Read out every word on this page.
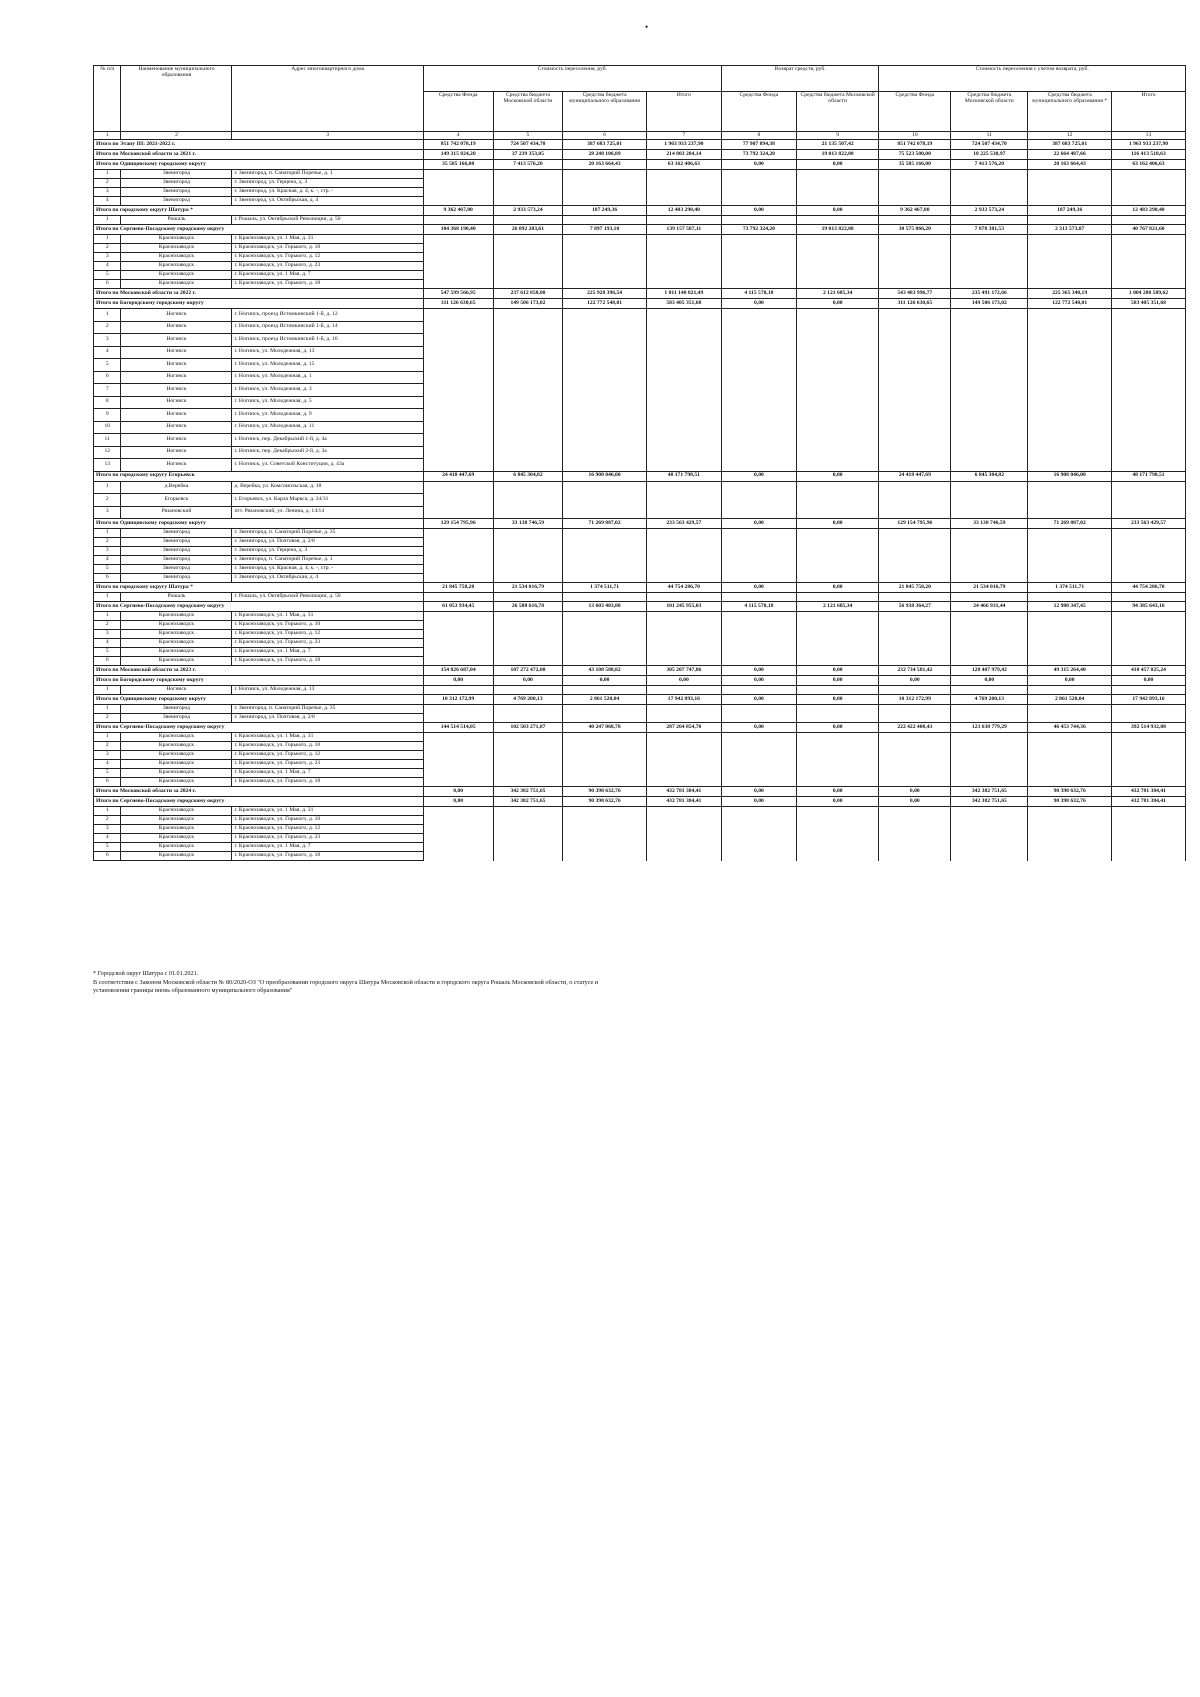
•
№ п/п	Наименование муниципального образования	Адрес многоквартирного дома	Стоимость переселения, руб.				Возврат средств, руб.		Стоимость переселения с учетом возврата, руб.			
			Средства Фонда	Средства бюджета Московской области	Средства бюджета муниципального образования	Итого	Средства Фонда	Средства бюджета Московской области	Средства Фонда	Средства бюджета Московской области	Средства бюджета муниципального образования *	Итого
1	2	3	4	5	6	7	8	9	10	11	12	13
Итого по Этапу III: 2021-2022 г.			851 742 078,19	724 507 434,70	387 683 725,01	1 963 933 237,90	77 907 894,38	21 135 507,42	851 742 078,19	724 507 434,70	387 683 725,01	1 963 933 237,90
Итого по Московской области за 2021 г.			149 315 824,20	37 239 353,05	28 248 106,89	214 803 284,14	73 792 324,20	19 013 822,08	75 523 500,00	18 225 530,97	22 664 487,66	116 413 518,63
Итого по Одинцовскому городскому округу			35 585 166,00	7 413 576,20	20 163 664,43	63 162 406,63	0,00	0,00	35 585 166,00	7 413 576,20	20 163 664,43	63 162 406,63
1	Звенигород	г. Звенигород, п. Санаторий Поречье, д. 1										
2	Звенигород	г. Звенигород, ул. Герцена, д. 3										
3	Звенигород	г. Звенигород, ул. Красная, д. 4, к. -, стр. -										
4	Звенигород	г. Звенигород, ул. Октябрьская, д. 4										
Итого по городскому округу Шатура *			9 362 467,80	2 933 573,24	187 249,36	12 483 290,40	0,00	0,00	9 362 467,80	2 933 573,24	187 249,36	12 483 290,40
1	Рошаль	г. Рошаль, ул. Октябрьской Революции, д. 50										
Итого по Сергиево-Посадскому городскому округу			104 368 190,40	26 892 203,61	7 897 193,10	139 157 587,11	73 792 324,20	19 013 822,08	30 575 866,20	7 878 381,53	2 313 573,87	40 767 821,60
1	Краснозаводск	г. Краснозаводск, ул. 1 Мая, д. 31										
2	Краснозаводск	г. Краснозаводск, ул. Горького, д. 10										
3	Краснозаводск	г. Краснозаводск, ул. Горького, д. 12										
4	Краснозаводск	г. Краснозаводск, ул. Горького, д. 23										
5	Краснозаводск	г. Краснозаводск, ул. 1 Мая, д. 7										
6	Краснозаводск	г. Краснозаводск, ул. Горького, д. 18										
Итого по Московской области за 2022 г.			547 599 566,95	237 612 858,00	225 928 396,54	1 011 140 821,49	4 115 570,18	2 121 685,34	543 483 996,77	235 491 172,66	225 365 340,19	1 004 280 509,62
Итого по Богородскому городскому округу			311 126 630,65	149 506 173,02	122 772 548,01	583 405 351,68	0,00	0,00	311 126 630,65	149 506 173,02	122 772 548,01	583 405 351,68
1	Ногинск	г. Ногинск, проезд Истомкинский 1-й, д. 12										
2	Ногинск	г. Ногинск, проезд Истомкинский 1-й, д. 14										
3	Ногинск	г. Ногинск, проезд Истомкинский 1-й, д. 16										
4	Ногинск	г. Ногинск, ул. Молодежная, д. 13										
5	Ногинск	г. Ногинск, ул. Молодежная, д. 15										
6	Ногинск	г. Ногинск, ул. Молодежная, д. 1										
7	Ногинск	г. Ногинск, ул. Молодежная, д. 3										
8	Ногинск	г. Ногинск, ул. Молодежная, д. 5										
9	Ногинск	г. Ногинск, ул. Молодежная, д. 9										
10	Ногинск	г. Ногинск, ул. Молодежная, д. 11										
11	Ногинск	г. Ногинск, пер. Декабрьский 1-й, д. 4а										
12	Ногинск	г. Ногинск, пер. Декабрьский 2-й, д. 3а										
13	Ногинск	г. Ногинск, ул. Советской Конституции, д. 43а										
Итого по городскому округу Егорьевск			24 418 447,69	6 845 304,82	16 908 046,00	48 171 798,51	0,00	0,00	24 418 447,69	6 845 304,82	16 908 046,00	48 171 798,51
1	д.Верейка	д. Верейка, ул. Комсомольская, д. 18										
2	Егорьевск	г. Егорьевск, ул. Карла Маркса, д. 24/31										
3	Рязановский	пгт. Рязановский, ул. Ленина, д. 14/14										
Итого по Одинцовскому городскому округу			129 154 795,96	33 138 746,59	71 269 887,02	233 563 429,57	0,00	0,00	129 154 795,96	33 138 746,59	71 269 887,02	233 563 429,57
1	Звенигород	г. Звенигород, п. Санаторий Поречье, д. 35										
2	Звенигород	г. Звенигород, ул. Почтовая, д. 2/8										
3	Звенигород	г. Звенигород, ул. Герцена, д. 3										
4	Звенигород	г. Звенигород, п. Санаторий Поречье, д. 1										
5	Звенигород	г. Звенигород, ул. Красная, д. 4, к. -, стр. -										
6	Звенигород	г. Звенигород, ул. Октябрьская, д. 4										
Итого по городскому округу Шатура *			21 845 758,20	21 534 016,79	1 374 511,71	44 754 286,70	0,00	0,00	21 845 758,20	21 534 016,79	1 374 511,71	44 754 286,70
1	Рошаль	г. Рошаль, ул. Октябрьской Революции, д. 50										
Итого по Сергиево-Посадскому городскому округу			61 053 934,45	26 588 616,78	13 603 403,80	101 245 955,03	4 115 570,18	2 121 685,34	56 938 364,27	24 466 931,44	12 980 347,45	94 385 643,16
1	Краснозаводск	г. Краснозаводск, ул. 1 Мая, д. 31										
2	Краснозаводск	г. Краснозаводск, ул. Горького, д. 10										
3	Краснозаводск	г. Краснозаводск, ул. Горького, д. 12										
4	Краснозаводск	г. Краснозаводск, ул. Горького, д. 23										
5	Краснозаводск	г. Краснозаводск, ул. 1 Мая, д. 7										
6	Краснозаводск	г. Краснозаводск, ул. Горького, д. 18										
Итого по Московской области за 2023 г.			154 826 687,04	107 272 472,00	43 108 588,82	305 207 747,86	0,00	0,00	232 734 581,42	128 407 979,42	49 315 264,40	410 457 825,24
Итого по Богородскому городскому округу			0,00	0,00	0,00	0,00	0,00	0,00	0,00	0,00	0,00	0,00
1	Ногинск	г. Ногинск, ул. Молодежная, д. 13										
Итого по Одинцовскому городскому округу			10 312 172,99	4 769 200,13	2 861 520,04	17 942 893,16	0,00	0,00	10 312 172,99	4 769 200,13	2 861 520,04	17 942 893,16
1	Звенигород	г. Звенигород, п. Санаторий Поречье, д. 35										
2	Звенигород	г. Звенигород, ул. Почтовая, д. 2/8										
Итого по Сергиево-Посадскому городскому округу			144 514 514,05	102 503 271,87	40 247 068,78	287 264 854,70	0,00	0,00	222 422 408,43	123 638 779,29	46 453 744,36	392 514 932,08
1	Краснозаводск	г. Краснозаводск, ул. 1 Мая, д. 31										
2	Краснозаводск	г. Краснозаводск, ул. Горького, д. 10										
3	Краснозаводск	г. Краснозаводск, ул. Горького, д. 12										
4	Краснозаводск	г. Краснозаводск, ул. Горького, д. 23										
5	Краснозаводск	г. Краснозаводск, ул. 1 Мая, д. 7										
6	Краснозаводск	г. Краснозаводск, ул. Горького, д. 18										
Итого по Московской области за 2024 г.			0,00	342 382 751,65	90 398 632,76	432 781 384,41	0,00	0,00	0,00	342 382 751,65	90 398 632,76	432 781 384,41
Итого по Сергиево-Посадскому городскому округу			0,00	342 382 751,65	90 398 632,76	432 781 384,41	0,00	0,00	0,00	342 382 751,65	90 398 632,76	432 781 384,41
1	Краснозаводск	г. Краснозаводск, ул. 1 Мая, д. 31										
2	Краснозаводск	г. Краснозаводск, ул. Горького, д. 10										
3	Краснозаводск	г. Краснозаводск, ул. Горького, д. 12										
4	Краснозаводск	г. Краснозаводск, ул. Горького, д. 23										
5	Краснозаводск	г. Краснозаводск, ул. 1 Мая, д. 7										
6	Краснозаводск	г. Краснозаводск, ул. Горького, д. 18										
* Городской округ Шатура с 01.01.2021.
В соответствии с Законом Московской области № 80/2020-ОЗ "О преобразовании городского округа Шатура Московской области и городского округа Рошаль Московской области, о статусе и
установлении границы вновь образованного муниципального образования"
